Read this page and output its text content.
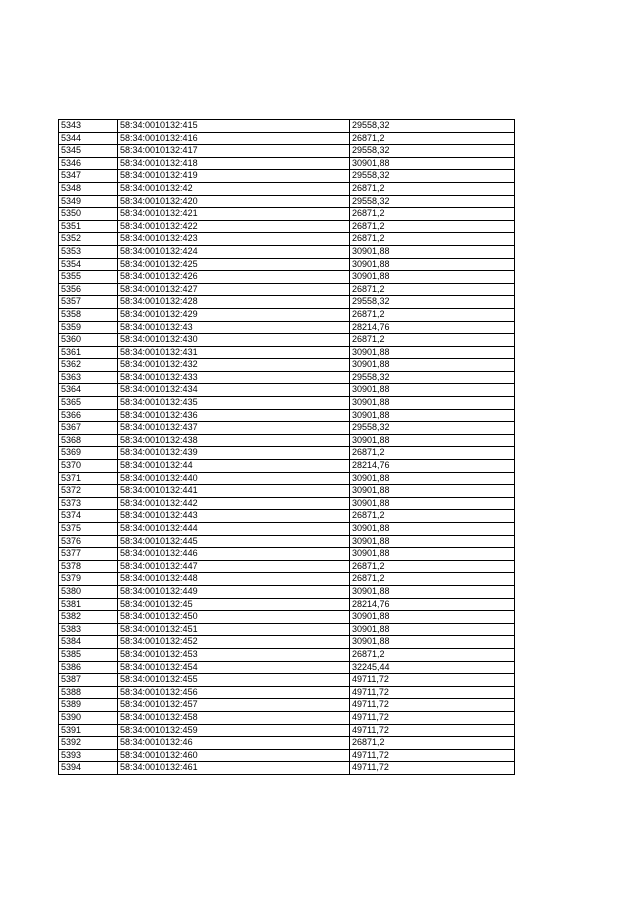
5343	58:34:0010132:415	29558,32
5344	58:34:0010132:416	26871,2
5345	58:34:0010132:417	29558,32
5346	58:34:0010132:418	30901,88
5347	58:34:0010132:419	29558,32
5348	58:34:0010132:42	26871,2
5349	58:34:0010132:420	29558,32
5350	58:34:0010132:421	26871,2
5351	58:34:0010132:422	26871,2
5352	58:34:0010132:423	26871,2
5353	58:34:0010132:424	30901,88
5354	58:34:0010132:425	30901,88
5355	58:34:0010132:426	30901,88
5356	58:34:0010132:427	26871,2
5357	58:34:0010132:428	29558,32
5358	58:34:0010132:429	26871,2
5359	58:34:0010132:43	28214,76
5360	58:34:0010132:430	26871,2
5361	58:34:0010132:431	30901,88
5362	58:34:0010132:432	30901,88
5363	58:34:0010132:433	29558,32
5364	58:34:0010132:434	30901,88
5365	58:34:0010132:435	30901,88
5366	58:34:0010132:436	30901,88
5367	58:34:0010132:437	29558,32
5368	58:34:0010132:438	30901,88
5369	58:34:0010132:439	26871,2
5370	58:34:0010132:44	28214,76
5371	58:34:0010132:440	30901,88
5372	58:34:0010132:441	30901,88
5373	58:34:0010132:442	30901,88
5374	58:34:0010132:443	26871,2
5375	58:34:0010132:444	30901,88
5376	58:34:0010132:445	30901,88
5377	58:34:0010132:446	30901,88
5378	58:34:0010132:447	26871,2
5379	58:34:0010132:448	26871,2
5380	58:34:0010132:449	30901,88
5381	58:34:0010132:45	28214,76
5382	58:34:0010132:450	30901,88
5383	58:34:0010132:451	30901,88
5384	58:34:0010132:452	30901,88
5385	58:34:0010132:453	26871,2
5386	58:34:0010132:454	32245,44
5387	58:34:0010132:455	49711,72
5388	58:34:0010132:456	49711,72
5389	58:34:0010132:457	49711,72
5390	58:34:0010132:458	49711,72
5391	58:34:0010132:459	49711,72
5392	58:34:0010132:46	26871,2
5393	58:34:0010132:460	49711,72
5394	58:34:0010132:461	49711,72
